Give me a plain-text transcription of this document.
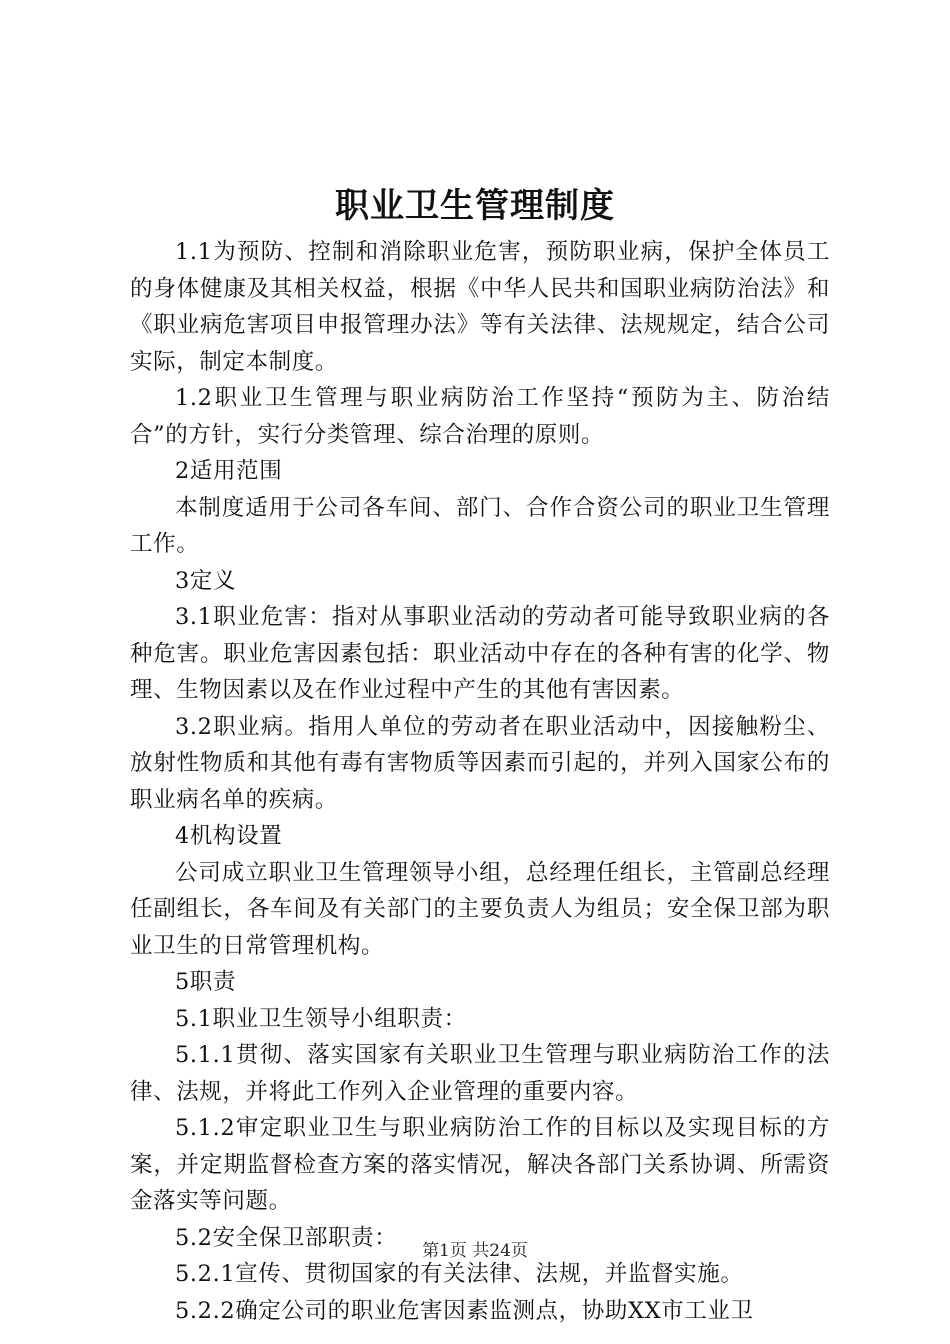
职业卫生管理制度

1.1为预防、控制和消除职业危害，预防职业病，保护全体员工的身体健康及其相关权益，根据《中华人民共和国职业病防治法》和《职业病危害项目申报管理办法》等有关法律、法规规定，结合公司实际，制定本制度。

1.2职业卫生管理与职业病防治工作坚持“预防为主、防治结合”的方针，实行分类管理、综合治理的原则。

2适用范围

本制度适用于公司各车间、部门、合作合资公司的职业卫生管理工作。

3定义

3.1职业危害：指对从事职业活动的劳动者可能导致职业病的各种危害。职业危害因素包括：职业活动中存在的各种有害的化学、物理、生物因素以及在作业过程中产生的其他有害因素。

3.2职业病。指用人单位的劳动者在职业活动中，因接触粉尘、放射性物质和其他有毒有害物质等因素而引起的，并列入国家公布的职业病名单的疾病。

4机构设置

公司成立职业卫生管理领导小组，总经理任组长，主管副总经理任副组长，各车间及有关部门的主要负责人为组员；安全保卫部为职业卫生的日常管理机构。

5职责

5.1职业卫生领导小组职责：

5.1.1贯彻、落实国家有关职业卫生管理与职业病防治工作的法律、法规，并将此工作列入企业管理的重要内容。

5.1.2审定职业卫生与职业病防治工作的目标以及实现目标的方案，并定期监督检查方案的落实情况，解决各部门关系协调、所需资金落实等问题。

5.2安全保卫部职责：

5.2.1宣传、贯彻国家的有关法律、法规，并监督实施。

5.2.2确定公司的职业危害因素监测点，协助XX市工业卫

第1页 共24页
